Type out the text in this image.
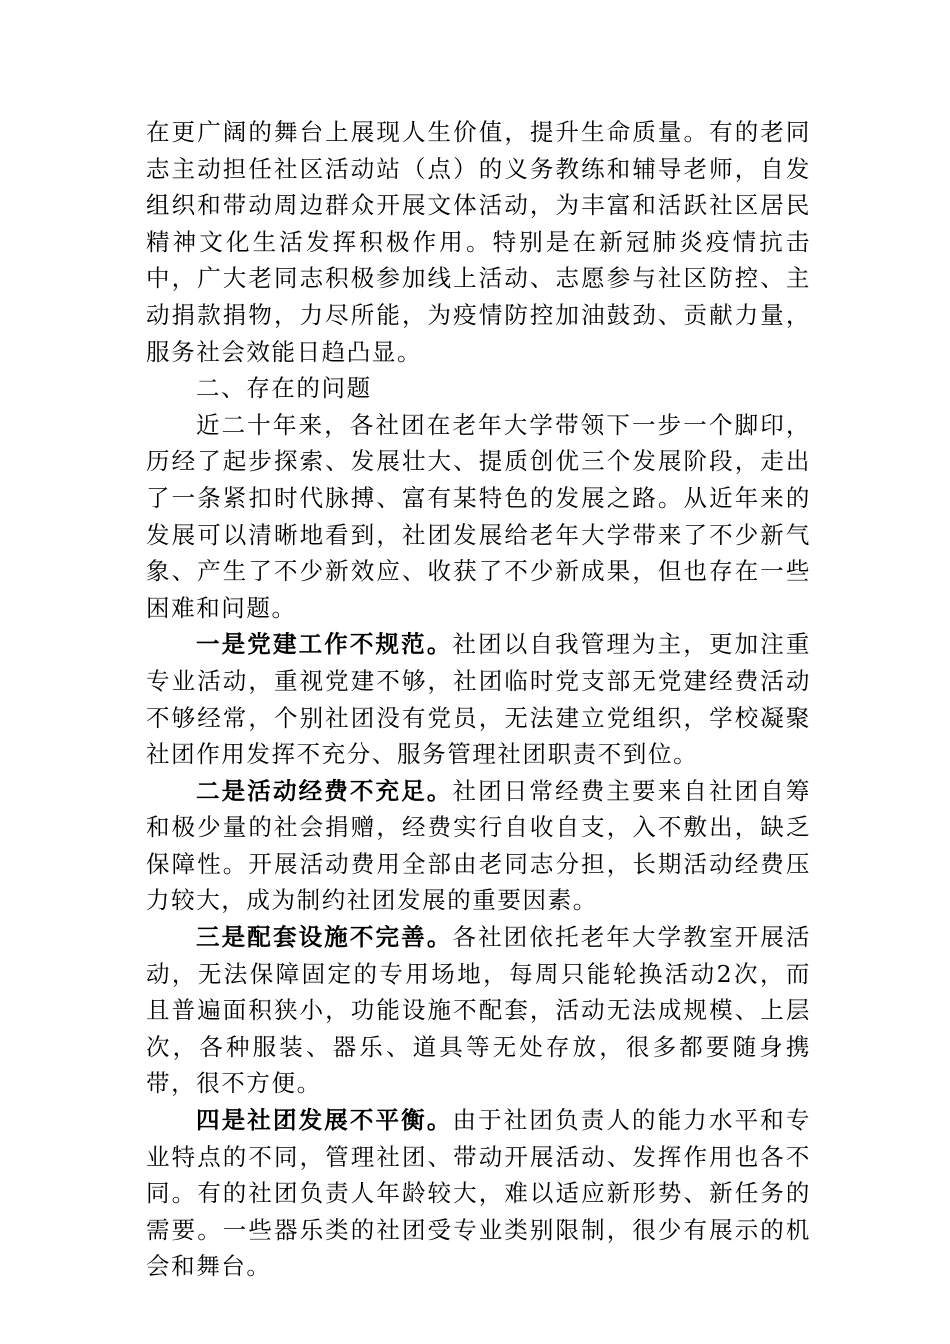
在更广阔的舞台上展现人生价值，提升生命质量。有的老同志主动担任社区活动站（点）的义务教练和辅导老师，自发组织和带动周边群众开展文体活动，为丰富和活跃社区居民精神文化生活发挥积极作用。特别是在新冠肺炎疫情抗击中，广大老同志积极参加线上活动、志愿参与社区防控、主动捐款捐物，力尽所能，为疫情防控加油鼓劲、贡献力量，服务社会效能日趋凸显。

二、存在的问题

近二十年来，各社团在老年大学带领下一步一个脚印，历经了起步探索、发展壮大、提质创优三个发展阶段，走出了一条紧扣时代脉搏、富有某特色的发展之路。从近年来的发展可以清晰地看到，社团发展给老年大学带来了不少新气象、产生了不少新效应、收获了不少新成果，但也存在一些困难和问题。

一是党建工作不规范。社团以自我管理为主，更加注重专业活动，重视党建不够，社团临时党支部无党建经费活动不够经常，个别社团没有党员，无法建立党组织，学校凝聚社团作用发挥不充分、服务管理社团职责不到位。

二是活动经费不充足。社团日常经费主要来自社团自筹和极少量的社会捐赠，经费实行自收自支，入不敷出，缺乏保障性。开展活动费用全部由老同志分担，长期活动经费压力较大，成为制约社团发展的重要因素。

三是配套设施不完善。各社团依托老年大学教室开展活动，无法保障固定的专用场地，每周只能轮换活动2次，而且普遍面积狭小，功能设施不配套，活动无法成规模、上层次，各种服装、器乐、道具等无处存放，很多都要随身携带，很不方便。

四是社团发展不平衡。由于社团负责人的能力水平和专业特点的不同，管理社团、带动开展活动、发挥作用也各不同。有的社团负责人年龄较大，难以适应新形势、新任务的需要。一些器乐类的社团受专业类别限制，很少有展示的机会和舞台。
